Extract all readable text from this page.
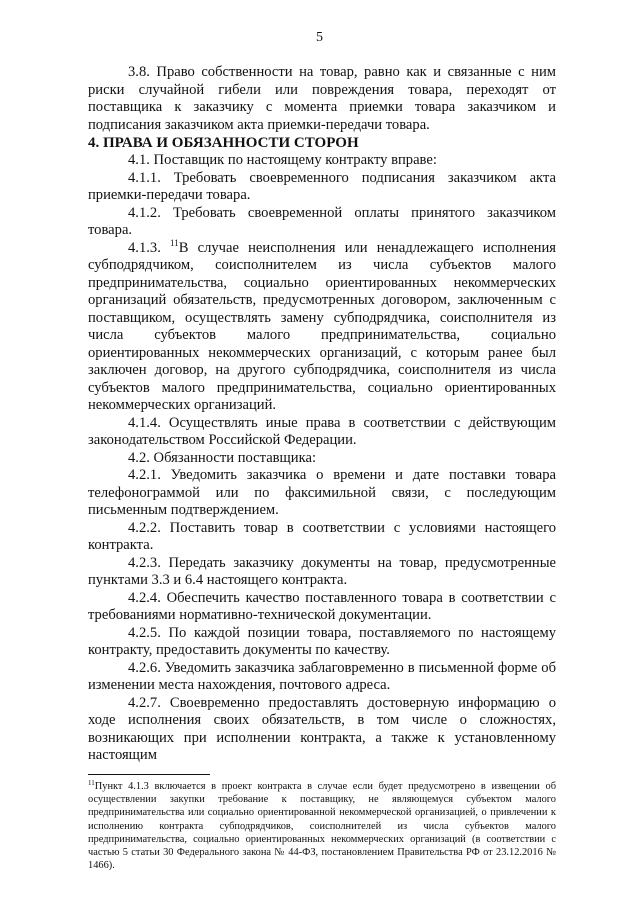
5

3.8. Право собственности на товар, равно как и связанные с ним риски случайной гибели или повреждения товара, переходят от поставщика к заказчику с момента приемки товара заказчиком и подписания заказчиком акта приемки-передачи товара.

4. ПРАВА И ОБЯЗАННОСТИ СТОРОН

4.1. Поставщик по настоящему контракту вправе:

4.1.1. Требовать своевременного подписания заказчиком акта приемки-передачи товара.

4.1.2. Требовать своевременной оплаты принятого заказчиком товара.

4.1.3. $^{11}$В случае неисполнения или ненадлежащего исполнения субподрядчиком, соисполнителем из числа субъектов малого предпринимательства, социально ориентированных некоммерческих организаций обязательств, предусмотренных договором, заключенным с поставщиком, осуществлять замену субподрядчика, соисполнителя из числа субъектов малого предпринимательства, социально ориентированных некоммерческих организаций, с которым ранее был заключен договор, на другого субподрядчика, соисполнителя из числа субъектов малого предпринимательства, социально ориентированных некоммерческих организаций.

4.1.4. Осуществлять иные права в соответствии с действующим законодательством Российской Федерации.

4.2. Обязанности поставщика:

4.2.1. Уведомить заказчика о времени и дате поставки товара телефонограммой или по факсимильной связи, с последующим письменным подтверждением.

4.2.2. Поставить товар в соответствии с условиями настоящего контракта.

4.2.3. Передать заказчику документы на товар, предусмотренные пунктами 3.3 и 6.4 настоящего контракта.

4.2.4. Обеспечить качество поставленного товара в соответствии с требованиями нормативно-технической документации.

4.2.5. По каждой позиции товара, поставляемого по настоящему контракту, предоставить документы по качеству.

4.2.6. Уведомить заказчика заблаговременно в письменной форме об изменении места нахождения, почтового адреса.

4.2.7. Своевременно предоставлять достоверную информацию о ходе исполнения своих обязательств, в том числе о сложностях, возникающих при исполнении контракта, а также к установленному настоящим

$^{11}$Пункт 4.1.3 включается в проект контракта в случае если будет предусмотрено в извещении об осуществлении закупки требование к поставщику, не являющемуся субъектом малого предпринимательства или социально ориентированной некоммерческой организацией, о привлечении к исполнению контракта субподрядчиков, соисполнителей из числа субъектов малого предпринимательства, социально ориентированных некоммерческих организаций (в соответствии с частью 5 статьи 30 Федерального закона № 44-ФЗ, постановлением Правительства РФ от 23.12.2016 № 1466).
